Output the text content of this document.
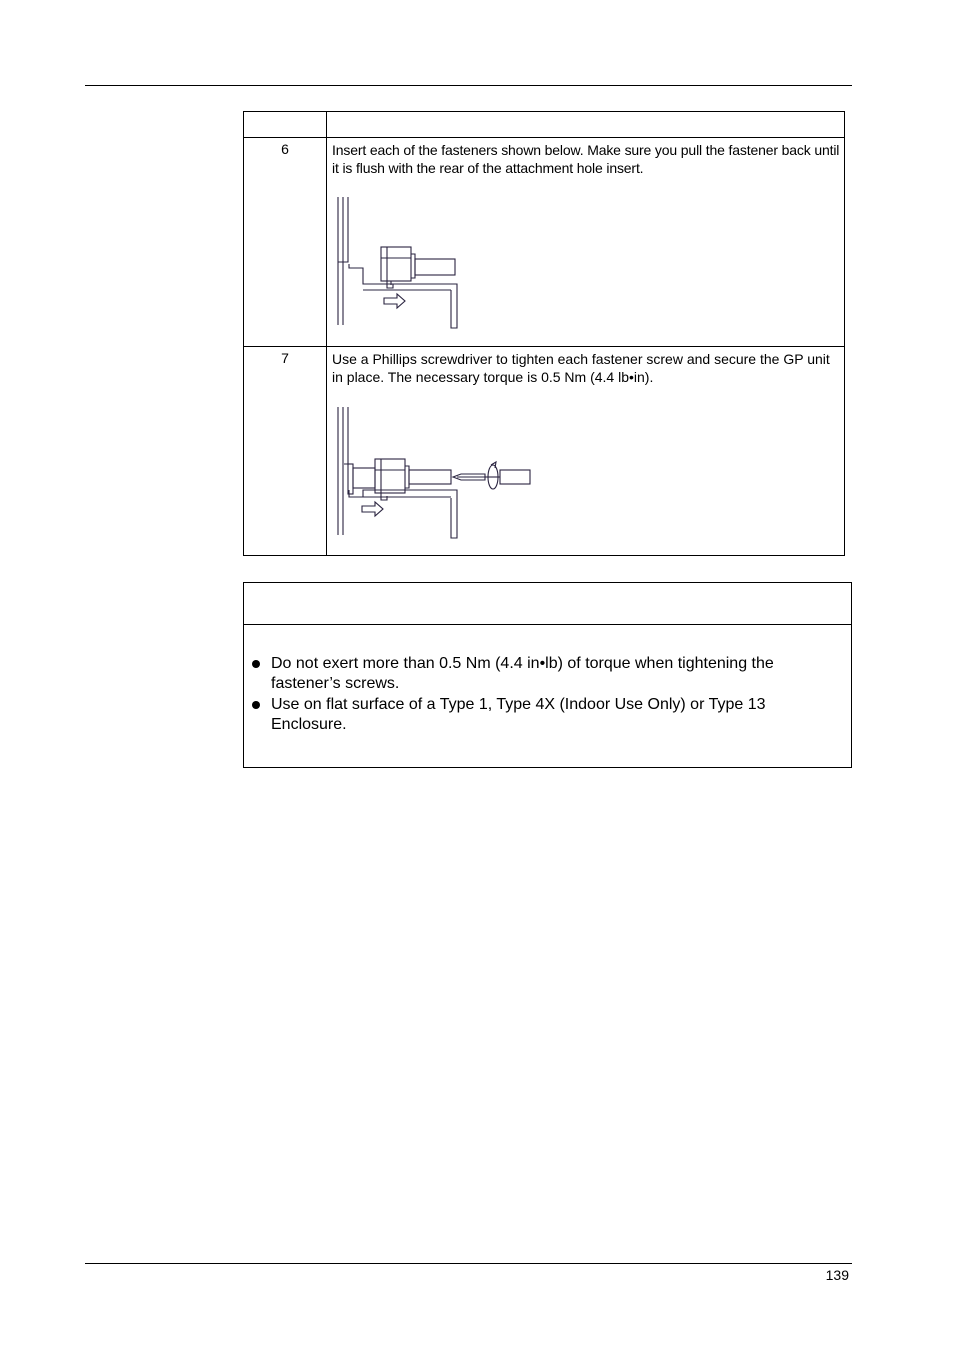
6	Insert each of the fasteners shown below. Make sure you pull the fastener back until it is flush with the rear of the attachment hole insert.
7	Use a Phillips screwdriver to tighten each fastener screw and secure the GP unit in place. The necessary torque is 0.5 Nm (4.4 lb•in).
Do not exert more than 0.5 Nm (4.4 in•lb) of torque when tightening the fastener’s screws.
Use on flat surface of a Type 1, Type 4X (Indoor Use Only) or Type 13 Enclosure.
139
